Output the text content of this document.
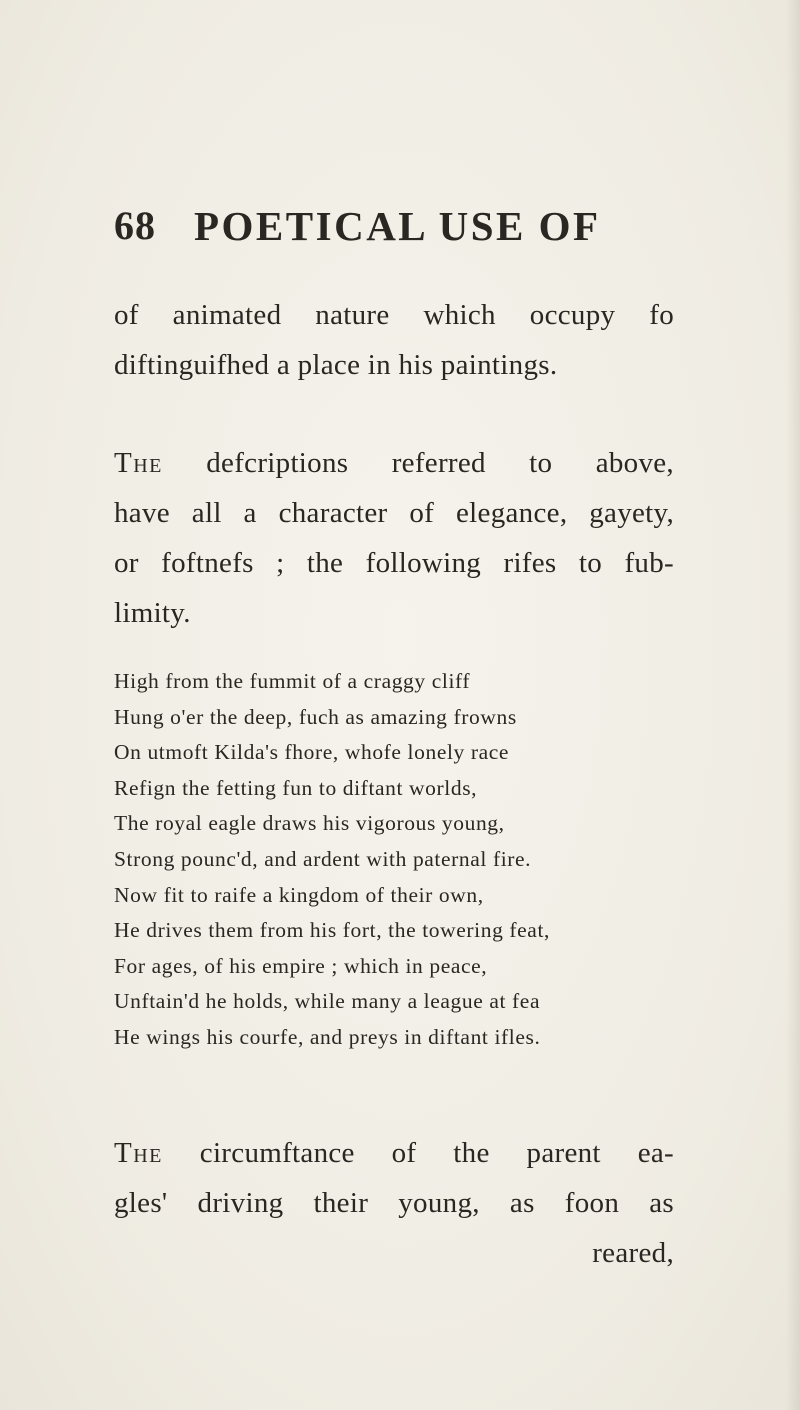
68 POETICAL USE OF
of animated nature which occupy fo
diftinguifhed a place in his paintings.
The defcriptions referred to above,
have all a character of elegance, gayety,
or foftnefs ; the following rifes to fub-
limity.
High from the fummit of a craggy cliff
Hung o'er the deep, fuch as amazing frowns
On utmoft Kilda's fhore, whofe lonely race
Refign the fetting fun to diftant worlds,
The royal eagle draws his vigorous young,
Strong pounc'd, and ardent with paternal fire.
Now fit to raife a kingdom of their own,
He drives them from his fort, the towering feat,
For ages, of his empire ; which in peace,
Unftain'd he holds, while many a league at fea
He wings his courfe, and preys in diftant ifles.
The circumftance of the parent ea-
gles' driving their young, as foon as
reared,
